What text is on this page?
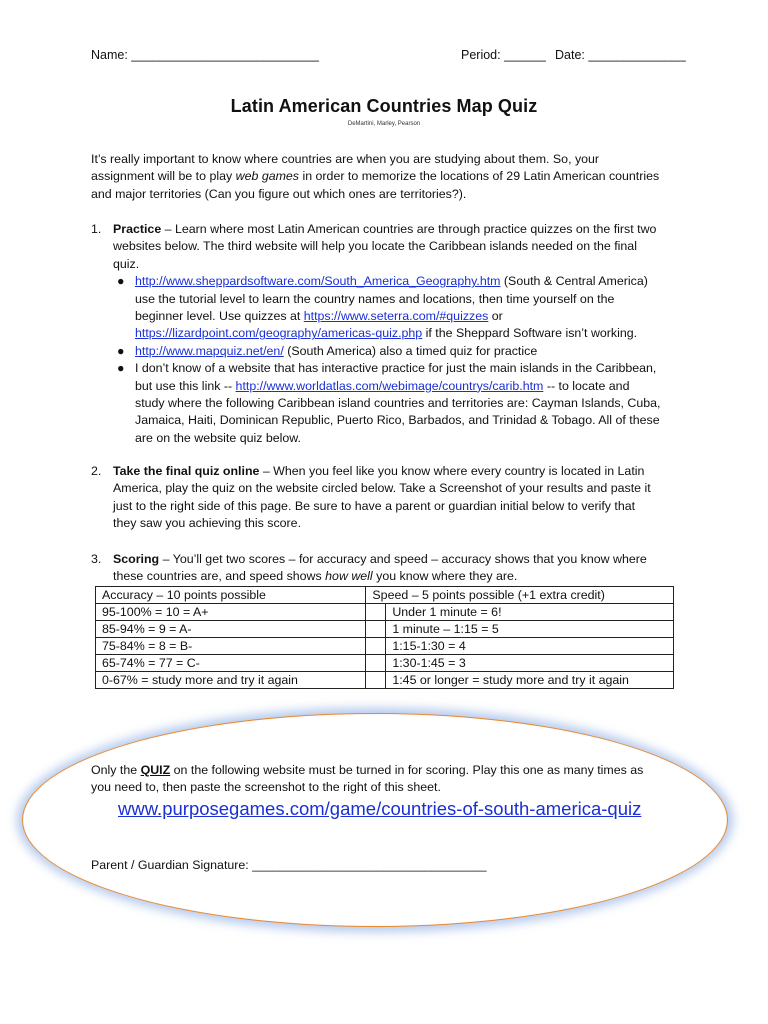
Name: ___________________________	Period: ______ Date: ______________
Latin American Countries Map Quiz
DeMartini, Marley, Pearson
It’s really important to know where countries are when you are studying about them. So, your
assignment will be to play web games in order to memorize the locations of 29 Latin American countries
and major territories (Can you figure out which ones are territories?).
1. Practice – Learn where most Latin American countries are through practice quizzes on the first two
websites below. The third website will help you locate the Caribbean islands needed on the final
quiz.
● http://www.sheppardsoftware.com/South_America_Geography.htm (South & Central America)
use the tutorial level to learn the country names and locations, then time yourself on the
beginner level. Use quizzes at https://www.seterra.com/#quizzes or
https://lizardpoint.com/geography/americas-quiz.php if the Sheppard Software isn’t working.
● http://www.mapquiz.net/en/ (South America) also a timed quiz for practice
● I don’t know of a website that has interactive practice for just the main islands in the Caribbean,
but use this link -- http://www.worldatlas.com/webimage/countrys/carib.htm -- to locate and
study where the following Caribbean island countries and territories are: Cayman Islands, Cuba,
Jamaica, Haiti, Dominican Republic, Puerto Rico, Barbados, and Trinidad & Tobago. All of these
are on the website quiz below.
2. Take the final quiz online – When you feel like you know where every country is located in Latin
America, play the quiz on the website circled below. Take a Screenshot of your results and paste it
just to the right side of this page. Be sure to have a parent or guardian initial below to verify that
they saw you achieving this score.
3. Scoring – You’ll get two scores – for accuracy and speed – accuracy shows that you know where
these countries are, and speed shows how well you know where they are.
Accuracy – 10 points possible	Speed – 5 points possible (+1 extra credit)	
95-100% = 10 = A+		Under 1 minute = 6!
85-94% = 9 = A-		1 minute – 1:15 = 5
75-84% = 8 = B-		1:15-1:30 = 4
65-74% = 77 = C-		1:30-1:45 = 3
0-67% = study more and try it again		1:45 or longer = study more and try it again
Only the QUIZ on the following website must be turned in for scoring. Play this one as many times as
you need to, then paste the screenshot to the right of this sheet.
www.purposegames.com/game/countries-of-south-america-quiz
Parent / Guardian Signature: __________________________________
